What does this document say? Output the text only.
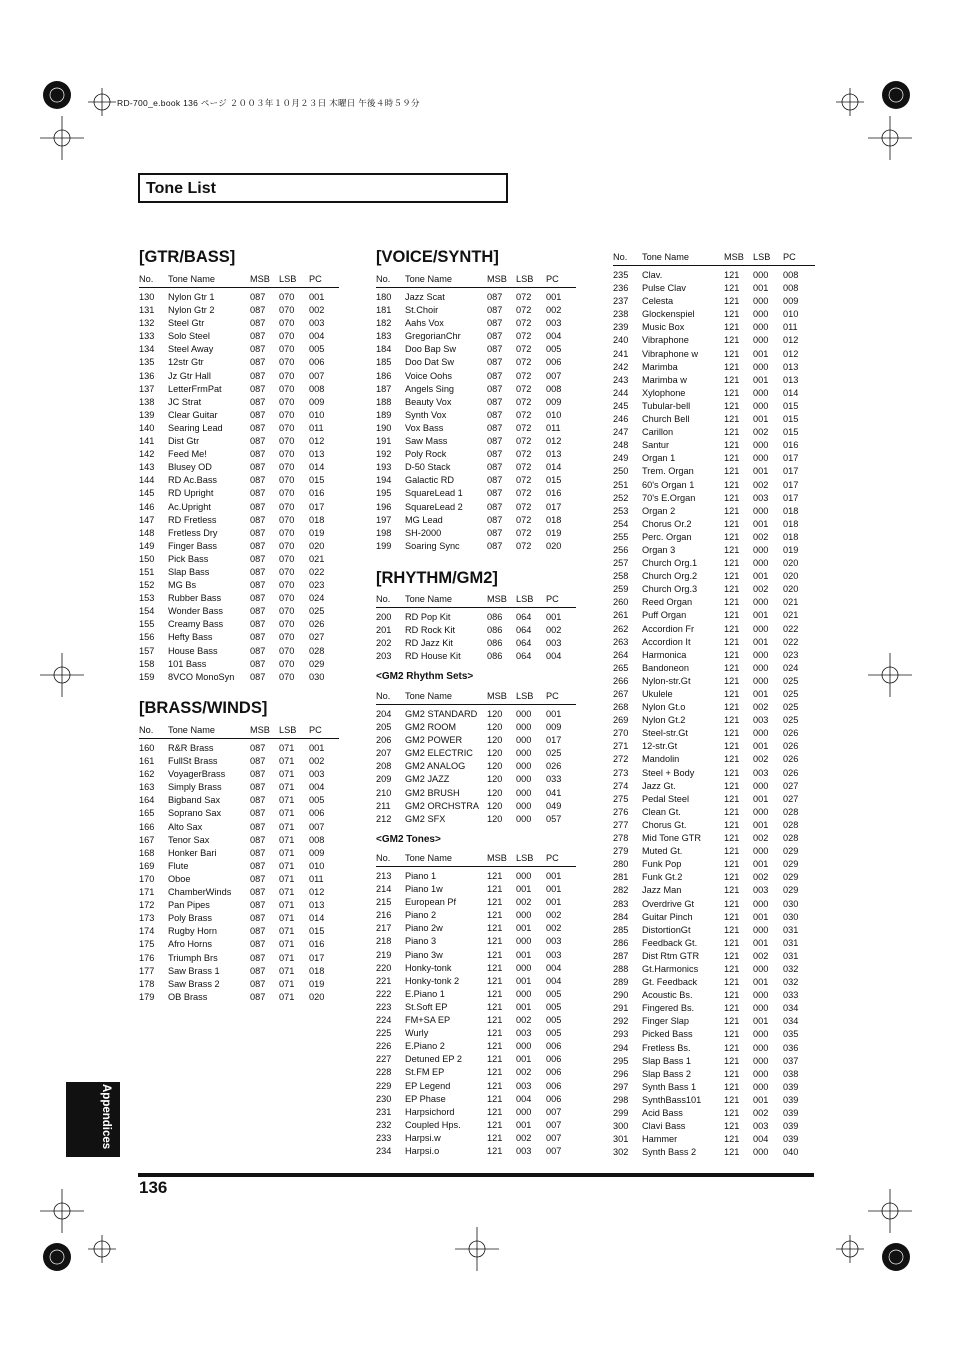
RD-700_e.book 136 ページ ２００３年１０月２３日 木曜日 午後４時５９分
Tone List
[GTR/BASS]
No. Tone Name	MSB LSB PC
130 Nylon Gtr 1	087 070 001
131 Nylon Gtr 2	087 070 002
132 Steel Gtr	087 070 003
133 Solo Steel	087 070 004
134 Steel Away	087 070 005
135 12str Gtr	087 070 006
136 Jz Gtr Hall	087 070 007
137 LetterFrmPat	087 070 008
138 JC Strat	087 070 009
139 Clear Guitar	087 070 010
140 Searing Lead	087 070 011
141 Dist Gtr	087 070 012
142 Feed Me!	087 070 013
143 Blusey OD	087 070 014
144 RD Ac.Bass	087 070 015
145 RD Upright	087 070 016
146 Ac.Upright	087 070 017
147 RD Fretless	087 070 018
148 Fretless Dry	087 070 019
149 Finger Bass	087 070 020
150 Pick Bass	087 070 021
151 Slap Bass	087 070 022
152 MG Bs	087 070 023
153 Rubber Bass	087 070 024
154 Wonder Bass	087 070 025
155 Creamy Bass	087 070 026
156 Hefty Bass	087 070 027
157 House Bass	087 070 028
158 101 Bass	087 070 029
159 8VCO MonoSyn 087 070 030
[BRASS/WINDS]
No. Tone Name	MSB LSB PC
160 R&R Brass	087 071 001
161 FullSt Brass	087 071 002
162 VoyagerBrass	087 071 003
163 Simply Brass	087 071 004
164 Bigband Sax	087 071 005
165 Soprano Sax	087 071 006
166 Alto Sax	087 071 007
167 Tenor Sax	087 071 008
168 Honker Bari	087 071 009
169 Flute	087 071 010
170 Oboe	087 071 011
171 ChamberWinds 087 071 012
172 Pan Pipes	087 071 013
173 Poly Brass	087 071 014
174 Rugby Horn	087 071 015
175 Afro Horns	087 071 016
176 Triumph Brs	087 071 017
177 Saw Brass 1	087 071 018
178 Saw Brass 2	087 071 019
179 OB Brass	087 071 020
[VOICE/SYNTH]
No. Tone Name	MSB LSB PC
180 Jazz Scat	087 072 001
181 St.Choir	087 072 002
182 Aahs Vox	087 072 003
183 GregorianChr	087 072 004
184 Doo Bap Sw	087 072 005
185 Doo Dat Sw	087 072 006
186 Voice Oohs	087 072 007
187 Angels Sing	087 072 008
188 Beauty Vox	087 072 009
189 Synth Vox	087 072 010
190 Vox Bass	087 072 011
191 Saw Mass	087 072 012
192 Poly Rock	087 072 013
193 D-50 Stack	087 072 014
194 Galactic RD	087 072 015
195 SquareLead 1	087 072 016
196 SquareLead 2	087 072 017
197 MG Lead	087 072 018
198 SH-2000	087 072 019
199 Soaring Sync	087 072 020
[RHYTHM/GM2]
No. Tone Name	MSB LSB PC
200 RD Pop Kit	086 064 001
201 RD Rock Kit	086 064 002
202 RD Jazz Kit	086 064 003
203 RD House Kit	086 064 004
<GM2 Rhythm Sets>
No. Tone Name	MSB LSB PC
204 GM2 STANDARD 120 000 001
205 GM2 ROOM	120 000 009
206 GM2 POWER	120 000 017
207 GM2 ELECTRIC 120 000 025
208 GM2 ANALOG 120 000 026
209 GM2 JAZZ	120 000 033
210 GM2 BRUSH	120 000 041
211 GM2 ORCHSTRA 120 000 049
212 GM2 SFX	120 000 057
<GM2 Tones>
No. Tone Name	MSB LSB PC
213 Piano 1	121 000 001
214 Piano 1w	121 001 001
215 European Pf	121 002 001
216 Piano 2	121 000 002
217 Piano 2w	121 001 002
218 Piano 3	121 000 003
219 Piano 3w	121 001 003
220 Honky-tonk	121 000 004
221 Honky-tonk 2	121 001 004
222 E.Piano 1	121 000 005
223 St.Soft EP	121 001 005
224 FM+SA EP	121 002 005
225 Wurly	121 003 005
226 E.Piano 2	121 000 006
227 Detuned EP 2	121 001 006
228 St.FM EP	121 002 006
229 EP Legend	121 003 006
230 EP Phase	121 004 006
231 Harpsichord	121 000 007
232 Coupled Hps.	121 001 007
233 Harpsi.w	121 002 007
234 Harpsi.o	121 003 007
No. Tone Name	MSB LSB PC
235 Clav.	121 000 008
236 Pulse Clav	121 001 008
237 Celesta	121 000 009
238 Glockenspiel	121 000 010
239 Music Box	121 000 011
240 Vibraphone	121 000 012
241 Vibraphone w	121 001 012
242 Marimba	121 000 013
243 Marimba w	121 001 013
244 Xylophone	121 000 014
245 Tubular-bell	121 000 015
246 Church Bell	121 001 015
247 Carillon	121 002 015
248 Santur	121 000 016
249 Organ 1	121 000 017
250 Trem. Organ	121 001 017
251 60's Organ 1	121 002 017
252 70's E.Organ	121 003 017
253 Organ 2	121 000 018
254 Chorus Or.2	121 001 018
255 Perc. Organ	121 002 018
256 Organ 3	121 000 019
257 Church Org.1	121 000 020
258 Church Org.2	121 001 020
259 Church Org.3	121 002 020
260 Reed Organ	121 000 021
261 Puff Organ	121 001 021
262 Accordion Fr	121 000 022
263 Accordion It	121 001 022
264 Harmonica	121 000 023
265 Bandoneon	121 000 024
266 Nylon-str.Gt	121 000 025
267 Ukulele	121 001 025
268 Nylon Gt.o	121 002 025
269 Nylon Gt.2	121 003 025
270 Steel-str.Gt	121 000 026
271 12-str.Gt	121 001 026
272 Mandolin	121 002 026
273 Steel + Body	121 003 026
274 Jazz Gt.	121 000 027
275 Pedal Steel	121 001 027
276 Clean Gt.	121 000 028
277 Chorus Gt.	121 001 028
278 Mid Tone GTR 121 002 028
279 Muted Gt.	121 000 029
280 Funk Pop	121 001 029
281 Funk Gt.2	121 002 029
282 Jazz Man	121 003 029
283 Overdrive Gt	121 000 030
284 Guitar Pinch	121 001 030
285 DistortionGt	121 000 031
286 Feedback Gt.	121 001 031
287 Dist Rtm GTR	121 002 031
288 Gt.Harmonics	121 000 032
289 Gt. Feedback	121 001 032
290 Acoustic Bs.	121 000 033
291 Fingered Bs.	121 000 034
292 Finger Slap	121 001 034
293 Picked Bass	121 000 035
294 Fretless Bs.	121 000 036
295 Slap Bass 1	121 000 037
296 Slap Bass 2	121 000 038
297 Synth Bass 1	121 000 039
298 SynthBass101 121 001 039
299 Acid Bass	121 002 039
300 Clavi Bass	121 003 039
301 Hammer	121 004 039
302 Synth Bass 2	121 000 040
Appendices
136
